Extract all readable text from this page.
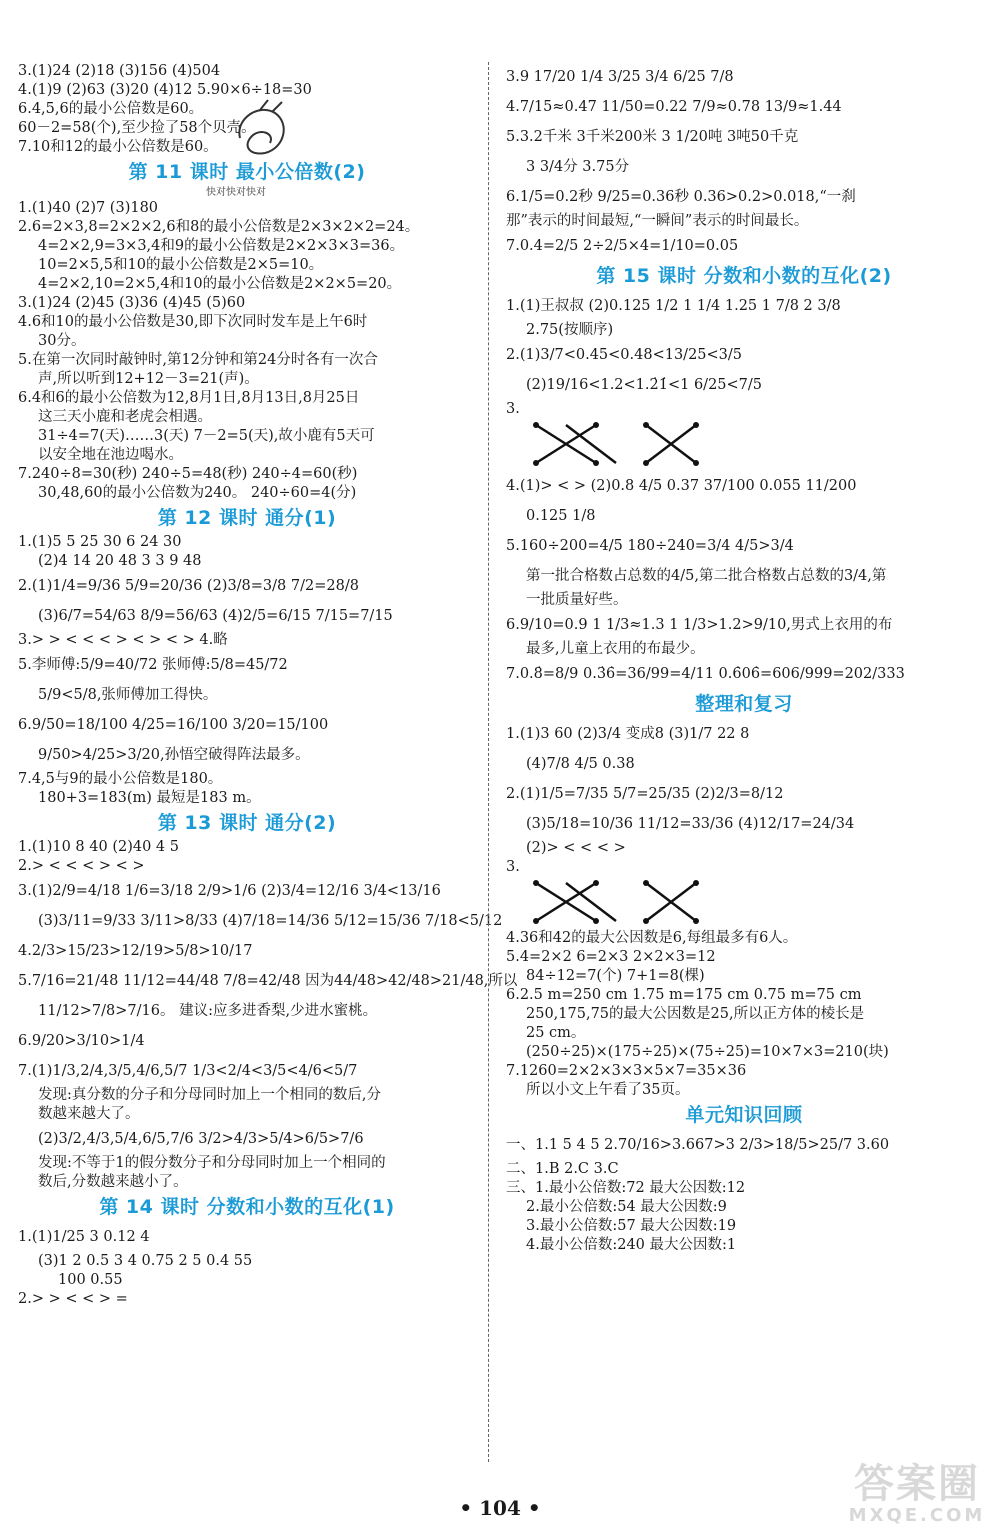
3.(1)24 (2)18 (3)156 (4)504
4.(1)9 (2)63 (3)20 (4)12 5.90×6÷18=30
6.4,5,6的最小公倍数是60。
60－2=58(个),至少捡了58个贝壳。
7.10和12的最小公倍数是60。
第 11 课时 最小公倍数(2)
快对快对快对
1.(1)40 (2)7 (3)180
2.6=2×3,8=2×2×2,6和8的最小公倍数是2×3×2×2=24。
4=2×2,9=3×3,4和9的最小公倍数是2×2×3×3=36。
10=2×5,5和10的最小公倍数是2×5=10。
4=2×2,10=2×5,4和10的最小公倍数是2×2×5=20。
3.(1)24 (2)45 (3)36 (4)45 (5)60
4.6和10的最小公倍数是30,即下次同时发车是上午6时
30分。
5.在第一次同时敲钟时,第12分钟和第24分时各有一次合
声,所以听到12+12－3=21(声)。
6.4和6的最小公倍数为12,8月1日,8月13日,8月25日
这三天小鹿和老虎会相遇。
31÷4=7(天)……3(天) 7－2=5(天),故小鹿有5天可
以安全地在池边喝水。
7.240÷8=30(秒) 240÷5=48(秒) 240÷4=60(秒)
30,48,60的最小公倍数为240。 240÷60=4(分)
第 12 课时 通分(1)
1.(1)5 5 25 30 6 24 30
(2)4 14 20 48 3 3 9 48
2.(1)1/4=9/36 5/9=20/36 (2)3/8=3/8 7/2=28/8
(3)6/7=54/63 8/9=56/63 (4)2/5=6/15 7/15=7/15
3.> > < < < > < > < > 4.略
5.李师傅:5/9=40/72 张师傅:5/8=45/72
5/9<5/8,张师傅加工得快。
6.9/50=18/100 4/25=16/100 3/20=15/100
9/50>4/25>3/20,孙悟空破得阵法最多。
7.4,5与9的最小公倍数是180。
180+3=183(m) 最短是183 m。
第 13 课时 通分(2)
1.(1)10 8 40 (2)40 4 5
2.> < < < > < >
3.(1)2/9=4/18 1/6=3/18 2/9>1/6 (2)3/4=12/16 3/4<13/16
(3)3/11=9/33 3/11>8/33 (4)7/18=14/36 5/12=15/36 7/18<5/12
4.2/3>15/23>12/19>5/8>10/17
5.7/16=21/48 11/12=44/48 7/8=42/48 因为44/48>42/48>21/48,所以
11/12>7/8>7/16。 建议:应多进香梨,少进水蜜桃。
6.9/20>3/10>1/4
7.(1)1/3,2/4,3/5,4/6,5/7 1/3<2/4<3/5<4/6<5/7
发现:真分数的分子和分母同时加上一个相同的数后,分
数越来越大了。
(2)3/2,4/3,5/4,6/5,7/6 3/2>4/3>5/4>6/5>7/6
发现:不等于1的假分数分子和分母同时加上一个相同的
数后,分数越来越小了。
第 14 课时 分数和小数的互化(1)
1.(1)1/25 3 0.12 4
(3)1 2 0.5 3 4 0.75 2 5 0.4 55
100 0.55
2.> > < < > =
3.9 17/20 1/4 3/25 3/4 6/25 7/8
4.7/15≈0.47 11/50=0.22 7/9≈0.78 13/9≈1.44
5.3.2千米 3千米200米 3 1/20吨 3吨50千克
3 3/4分 3.75分
6.1/5=0.2秒 9/25=0.36秒 0.36>0.2>0.018,“一刹
那”表示的时间最短,“一瞬间”表示的时间最长。
7.0.4=2/5 2÷2/5×4=1/10=0.05
第 15 课时 分数和小数的互化(2)
1.(1)王叔叔 (2)0.125 1/2 1 1/4 1.25 1 7/8 2 3/8
2.75(按顺序)
2.(1)3/7<0.45<0.48<13/25<3/5
(2)19/16<1.2<1.2̇1̇<1 6/25<7/5
3.
4.(1)> < > (2)0.8 4/5 0.37 37/100 0.055 11/200
0.125 1/8
5.160÷200=4/5 180÷240=3/4 4/5>3/4
第一批合格数占总数的4/5,第二批合格数占总数的3/4,第
一批质量好些。
6.9/10=0.9 1 1/3≈1.3 1 1/3>1.2>9/10,男式上衣用的布
最多,儿童上衣用的布最少。
7.0.8̇=8/9 0.3̇6̇=36/99=4/11 0.6̇06̇=606/999=202/333
整理和复习
1.(1)3 60 (2)3/4 变成8 (3)1/7 22 8
(4)7/8 4/5 0.38
2.(1)1/5=7/35 5/7=25/35 (2)2/3=8/12
(3)5/18=10/36 11/12=33/36 (4)12/17=24/34
(2)> < < < >
3.
4.36和42的最大公因数是6,每组最多有6人。
5.4=2×2 6=2×3 2×2×3=12
84÷12=7(个) 7+1=8(棵)
6.2.5 m=250 cm 1.75 m=175 cm 0.75 m=75 cm
250,175,75的最大公因数是25,所以正方体的棱长是
25 cm。
(250÷25)×(175÷25)×(75÷25)=10×7×3=210(块)
7.1260=2×2×3×3×5×7=35×36
所以小文上午看了35页。
单元知识回顾
一、1.1 5 4 5 2.70/16>3.667>3 2/3>18/5>25/7 3.60
二、1.B 2.C 3.C
三、1.最小公倍数:72 最大公因数:12
2.最小公倍数:54 最大公因数:9
3.最小公倍数:57 最大公因数:19
4.最小公倍数:240 最大公因数:1
• 104 •
答案圈
MXQE.COM
